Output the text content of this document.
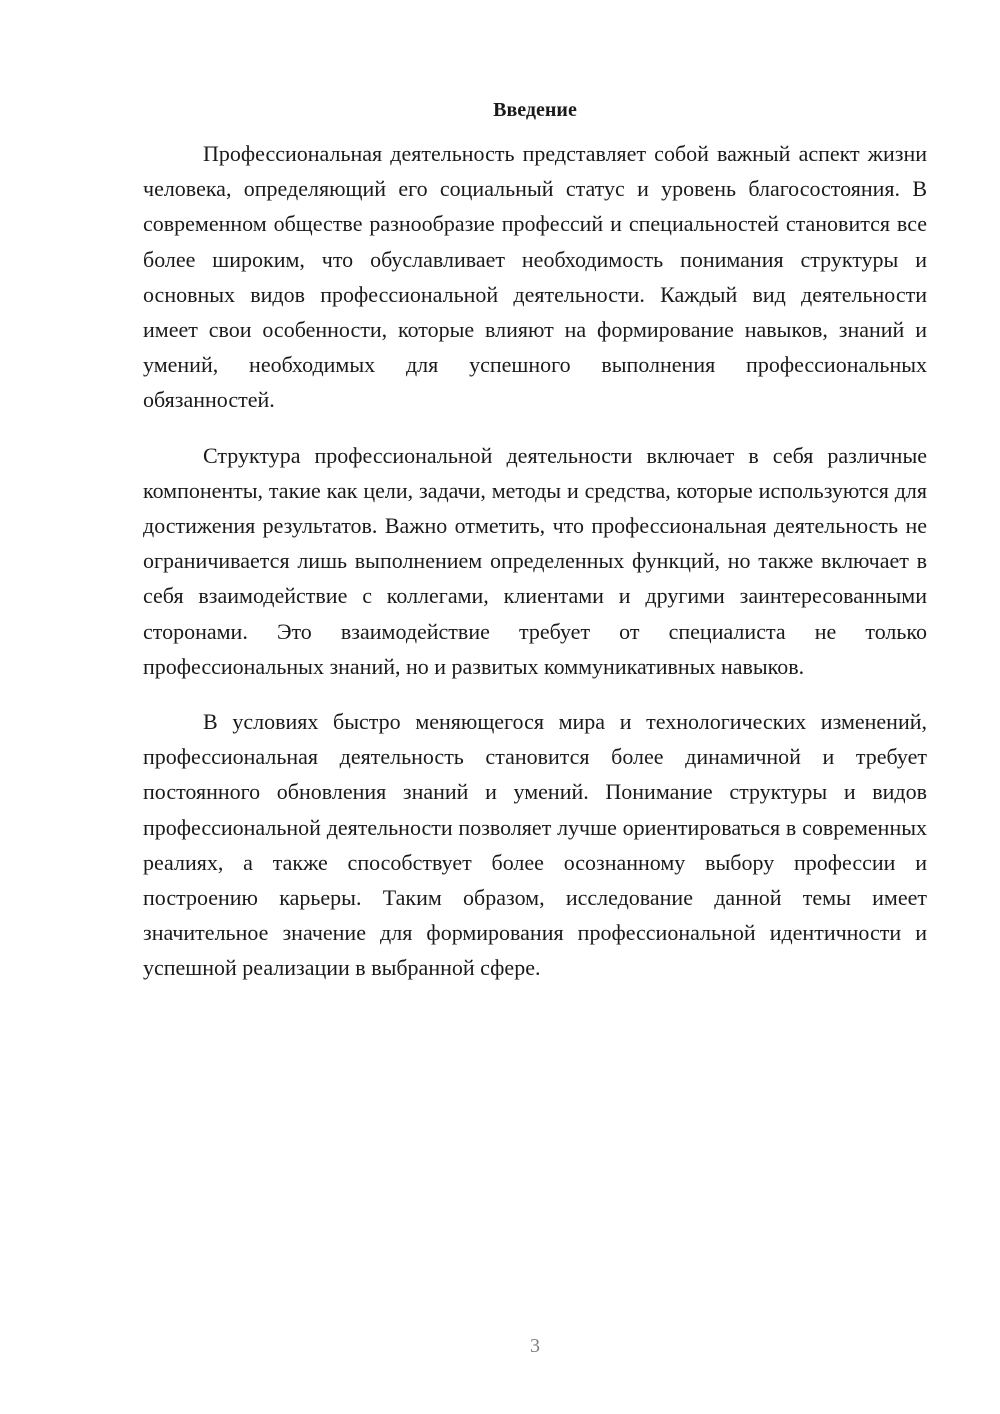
Введение

Профессиональная деятельность представляет собой важный аспект жизни человека, определяющий его социальный статус и уровень благосостояния. В современном обществе разнообразие профессий и специальностей становится все более широким, что обуславливает необходимость понимания структуры и основных видов профессиональной деятельности. Каждый вид деятельности имеет свои особенности, которые влияют на формирование навыков, знаний и умений, необходимых для успешного выполнения профессиональных обязанностей.

Структура профессиональной деятельности включает в себя различные компоненты, такие как цели, задачи, методы и средства, которые используются для достижения результатов. Важно отметить, что профессиональная деятельность не ограничивается лишь выполнением определенных функций, но также включает в себя взаимодействие с коллегами, клиентами и другими заинтересованными сторонами. Это взаимодействие требует от специалиста не только профессиональных знаний, но и развитых коммуникативных навыков.

В условиях быстро меняющегося мира и технологических изменений, профессиональная деятельность становится более динамичной и требует постоянного обновления знаний и умений. Понимание структуры и видов профессиональной деятельности позволяет лучше ориентироваться в современных реалиях, а также способствует более осознанному выбору профессии и построению карьеры. Таким образом, исследование данной темы имеет значительное значение для формирования профессиональной идентичности и успешной реализации в выбранной сфере.

3
